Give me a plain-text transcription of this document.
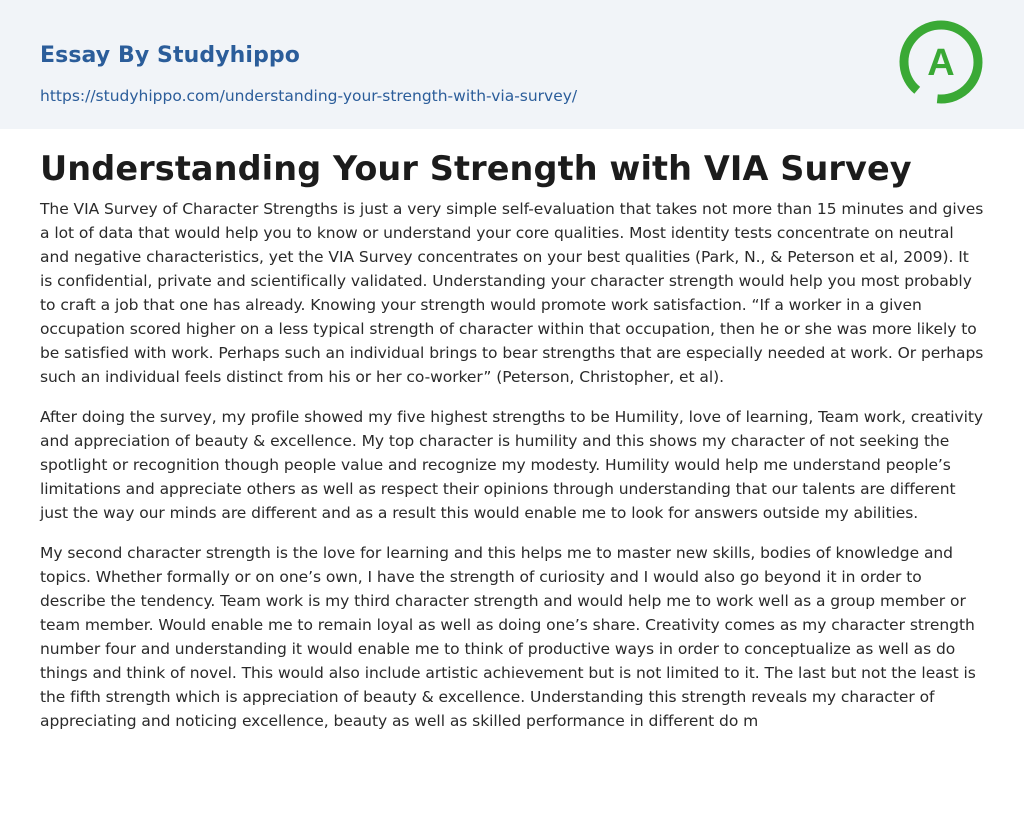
Essay By Studyhippo
https://studyhippo.com/understanding-your-strength-with-via-survey/
A
Understanding Your Strength with VIA Survey

The VIA Survey of Character Strengths is just a very simple self-evaluation that takes not more than 15 minutes and gives a lot of data that would help you to know or understand your core qualities. Most identity tests concentrate on neutral and negative characteristics, yet the VIA Survey concentrates on your best qualities (Park, N., & Peterson et al, 2009). It is confidential, private and scientifically validated. Understanding your character strength would help you most probably to craft a job that one has already. Knowing your strength would promote work satisfaction. “If a worker in a given occupation scored higher on a less typical strength of character within that occupation, then he or she was more likely to be satisfied with work. Perhaps such an individual brings to bear strengths that are especially needed at work. Or perhaps such an individual feels distinct from his or her co-worker” (Peterson, Christopher, et al).

After doing the survey, my profile showed my five highest strengths to be Humility, love of learning, Team work, creativity and appreciation of beauty & excellence. My top character is humility and this shows my character of not seeking the spotlight or recognition though people value and recognize my modesty. Humility would help me understand people’s limitations and appreciate others as well as respect their opinions through understanding that our talents are different just the way our minds are different and as a result this would enable me to look for answers outside my abilities.

My second character strength is the love for learning and this helps me to master new skills, bodies of knowledge and topics. Whether formally or on one’s own, I have the strength of curiosity and I would also go beyond it in order to describe the tendency. Team work is my third character strength and would help me to work well as a group member or team member. Would enable me to remain loyal as well as doing one’s share. Creativity comes as my character strength number four and understanding it would enable me to think of productive ways in order to conceptualize as well as do things and think of novel. This would also include artistic achievement but is not limited to it. The last but not the least is the fifth strength which is appreciation of beauty & excellence. Understanding this strength reveals my character of appreciating and noticing excellence, beauty as well as skilled performance in different do m
